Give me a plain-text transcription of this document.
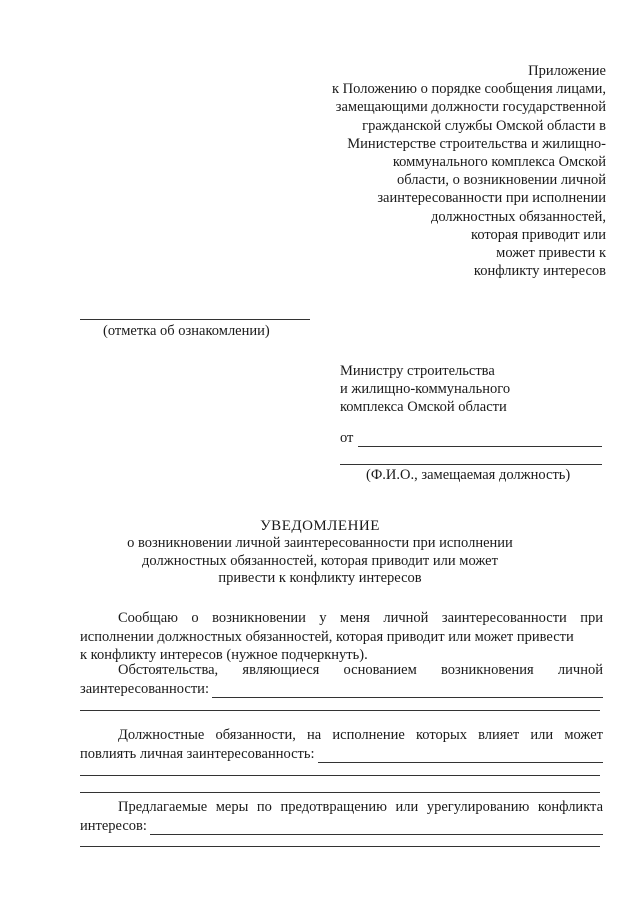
Приложение
к Положению о порядке сообщения лицами,
замещающими должности государственной
гражданской службы Омской области в
Министерстве строительства и жилищно-
коммунального комплекса Омской
области, о возникновении личной
заинтересованности при исполнении
должностных обязанностей,
которая приводит или
может привести к
конфликту интересов
(отметка об ознакомлении)
Министру строительства
и жилищно-коммунального
комплекса Омской области
от
(Ф.И.О., замещаемая должность)
УВЕДОМЛЕНИЕ
о возникновении личной заинтересованности при исполнении
должностных обязанностей, которая приводит или может
привести к конфликту интересов

Сообщаю о возникновении у меня личной заинтересованности при исполнении должностных обязанностей, которая приводит или может привести

к конфликту интересов (нужное подчеркнуть).

Обстоятельства, являющиеся основанием возникновения личной
заинтересованности:
Должностные обязанности, на исполнение которых влияет или может
повлиять личная заинтересованность:
Предлагаемые меры по предотвращению или урегулированию конфликта
интересов:
